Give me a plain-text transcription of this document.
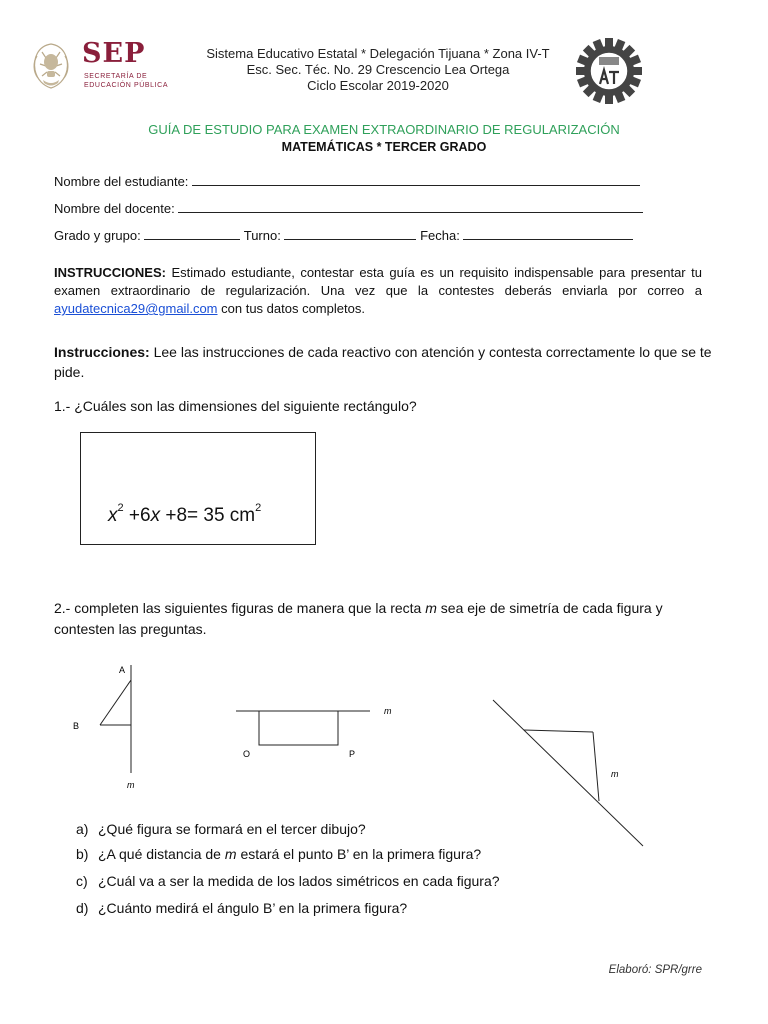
SEP
SECRETARÍA DE
EDUCACIÓN PÚBLICA
Sistema Educativo Estatal * Delegación Tijuana * Zona IV-T
Esc. Sec. Téc. No. 29 Crescencio Lea Ortega
Ciclo Escolar 2019-2020
GUÍA DE ESTUDIO PARA EXAMEN EXTRAORDINARIO DE REGULARIZACIÓN
MATEMÁTICAS * TERCER GRADO
Nombre del estudiante:
Nombre del docente:
Grado y grupo:	Turno:	Fecha:
INSTRUCCIONES: Estimado estudiante, contestar esta guía es un requisito indispensable para presentar tu examen extraordinario de regularización. Una vez que la contestes deberás enviarla por correo a ayudatecnica29@gmail.com con tus datos completos.
Instrucciones: Lee las instrucciones de cada reactivo con atención y contesta correctamente lo que se te pide.
1.- ¿Cuáles son las dimensiones del siguiente rectángulo?
$x^2 +6x +8= 35$ $cm^2$
2.- completen las siguientes figuras de manera que la recta m sea eje de simetría de cada figura y contesten las preguntas.
A
B
m
m
O	P
m
a) ¿Qué figura se formará en el tercer dibujo?
b) ¿A qué distancia de m estará el punto B’ en la primera figura?
c) ¿Cuál va a ser la medida de los lados simétricos en cada figura?
d) ¿Cuánto medirá el ángulo B’ en la primera figura?
Elaboró: SPR/grre
